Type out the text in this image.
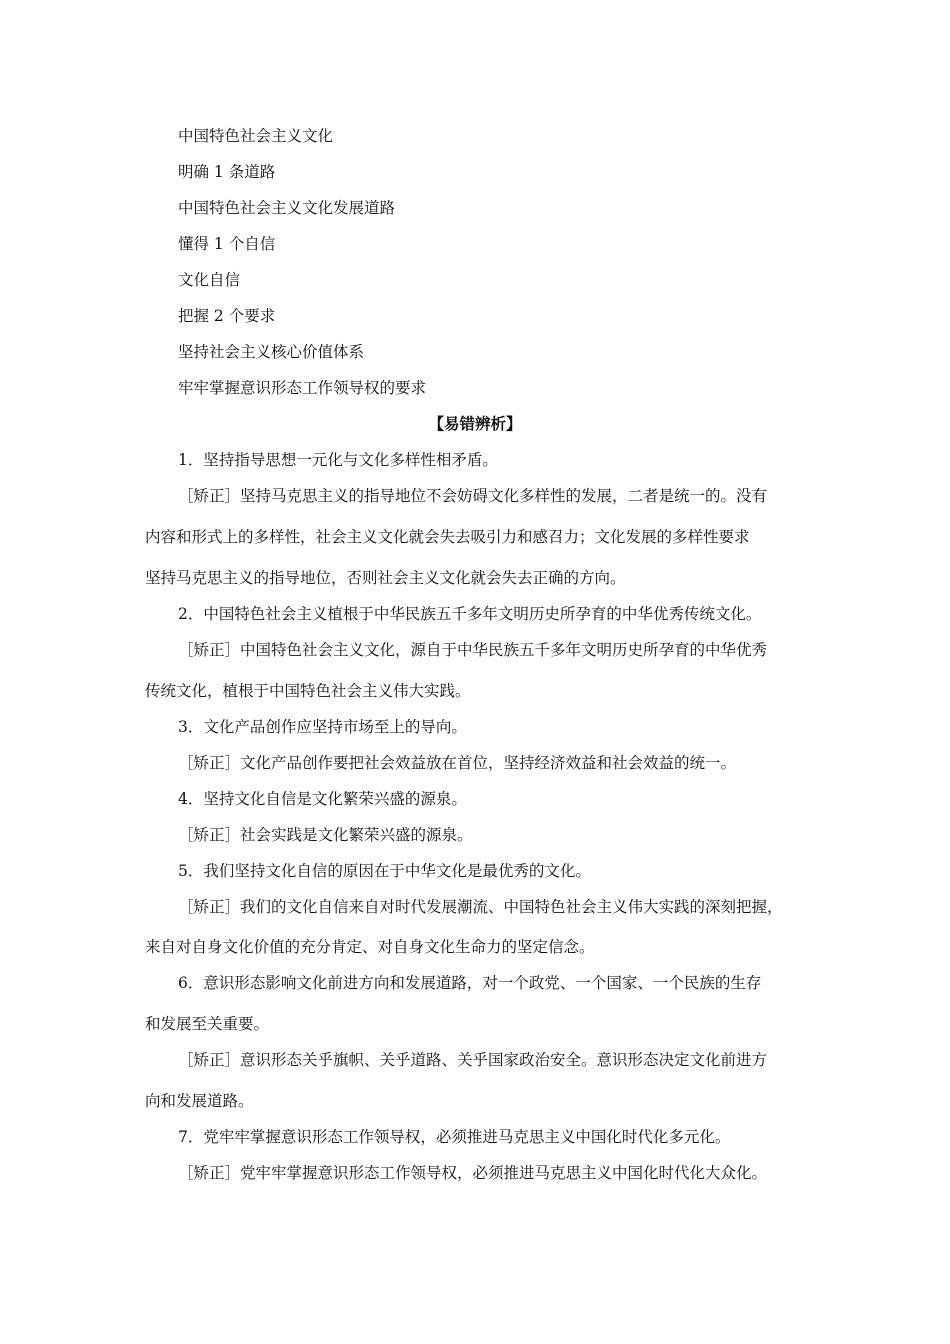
中国特色社会主义文化
明确 1 条道路
中国特色社会主义文化发展道路
懂得 1 个自信
文化自信
把握 2 个要求
坚持社会主义核心价值体系
牢牢掌握意识形态工作领导权的要求
【易错辨析】
1．坚持指导思想一元化与文化多样性相矛盾。
［矫正］坚持马克思主义的指导地位不会妨碍文化多样性的发展，二者是统一的。没有
内容和形式上的多样性，社会主义文化就会失去吸引力和感召力；文化发展的多样性要求
坚持马克思主义的指导地位，否则社会主义文化就会失去正确的方向。
2．中国特色社会主义植根于中华民族五千多年文明历史所孕育的中华优秀传统文化。
［矫正］中国特色社会主义文化，源自于中华民族五千多年文明历史所孕育的中华优秀
传统文化，植根于中国特色社会主义伟大实践。
3．文化产品创作应坚持市场至上的导向。
［矫正］文化产品创作要把社会效益放在首位，坚持经济效益和社会效益的统一。
4．坚持文化自信是文化繁荣兴盛的源泉。
［矫正］社会实践是文化繁荣兴盛的源泉。
5．我们坚持文化自信的原因在于中华文化是最优秀的文化。
［矫正］我们的文化自信来自对时代发展潮流、中国特色社会主义伟大实践的深刻把握，
来自对自身文化价值的充分肯定、对自身文化生命力的坚定信念。
6．意识形态影响文化前进方向和发展道路，对一个政党、一个国家、一个民族的生存
和发展至关重要。
［矫正］意识形态关乎旗帜、关乎道路、关乎国家政治安全。意识形态决定文化前进方
向和发展道路。
7．党牢牢掌握意识形态工作领导权，必须推进马克思主义中国化时代化多元化。
［矫正］党牢牢掌握意识形态工作领导权，必须推进马克思主义中国化时代化大众化。
